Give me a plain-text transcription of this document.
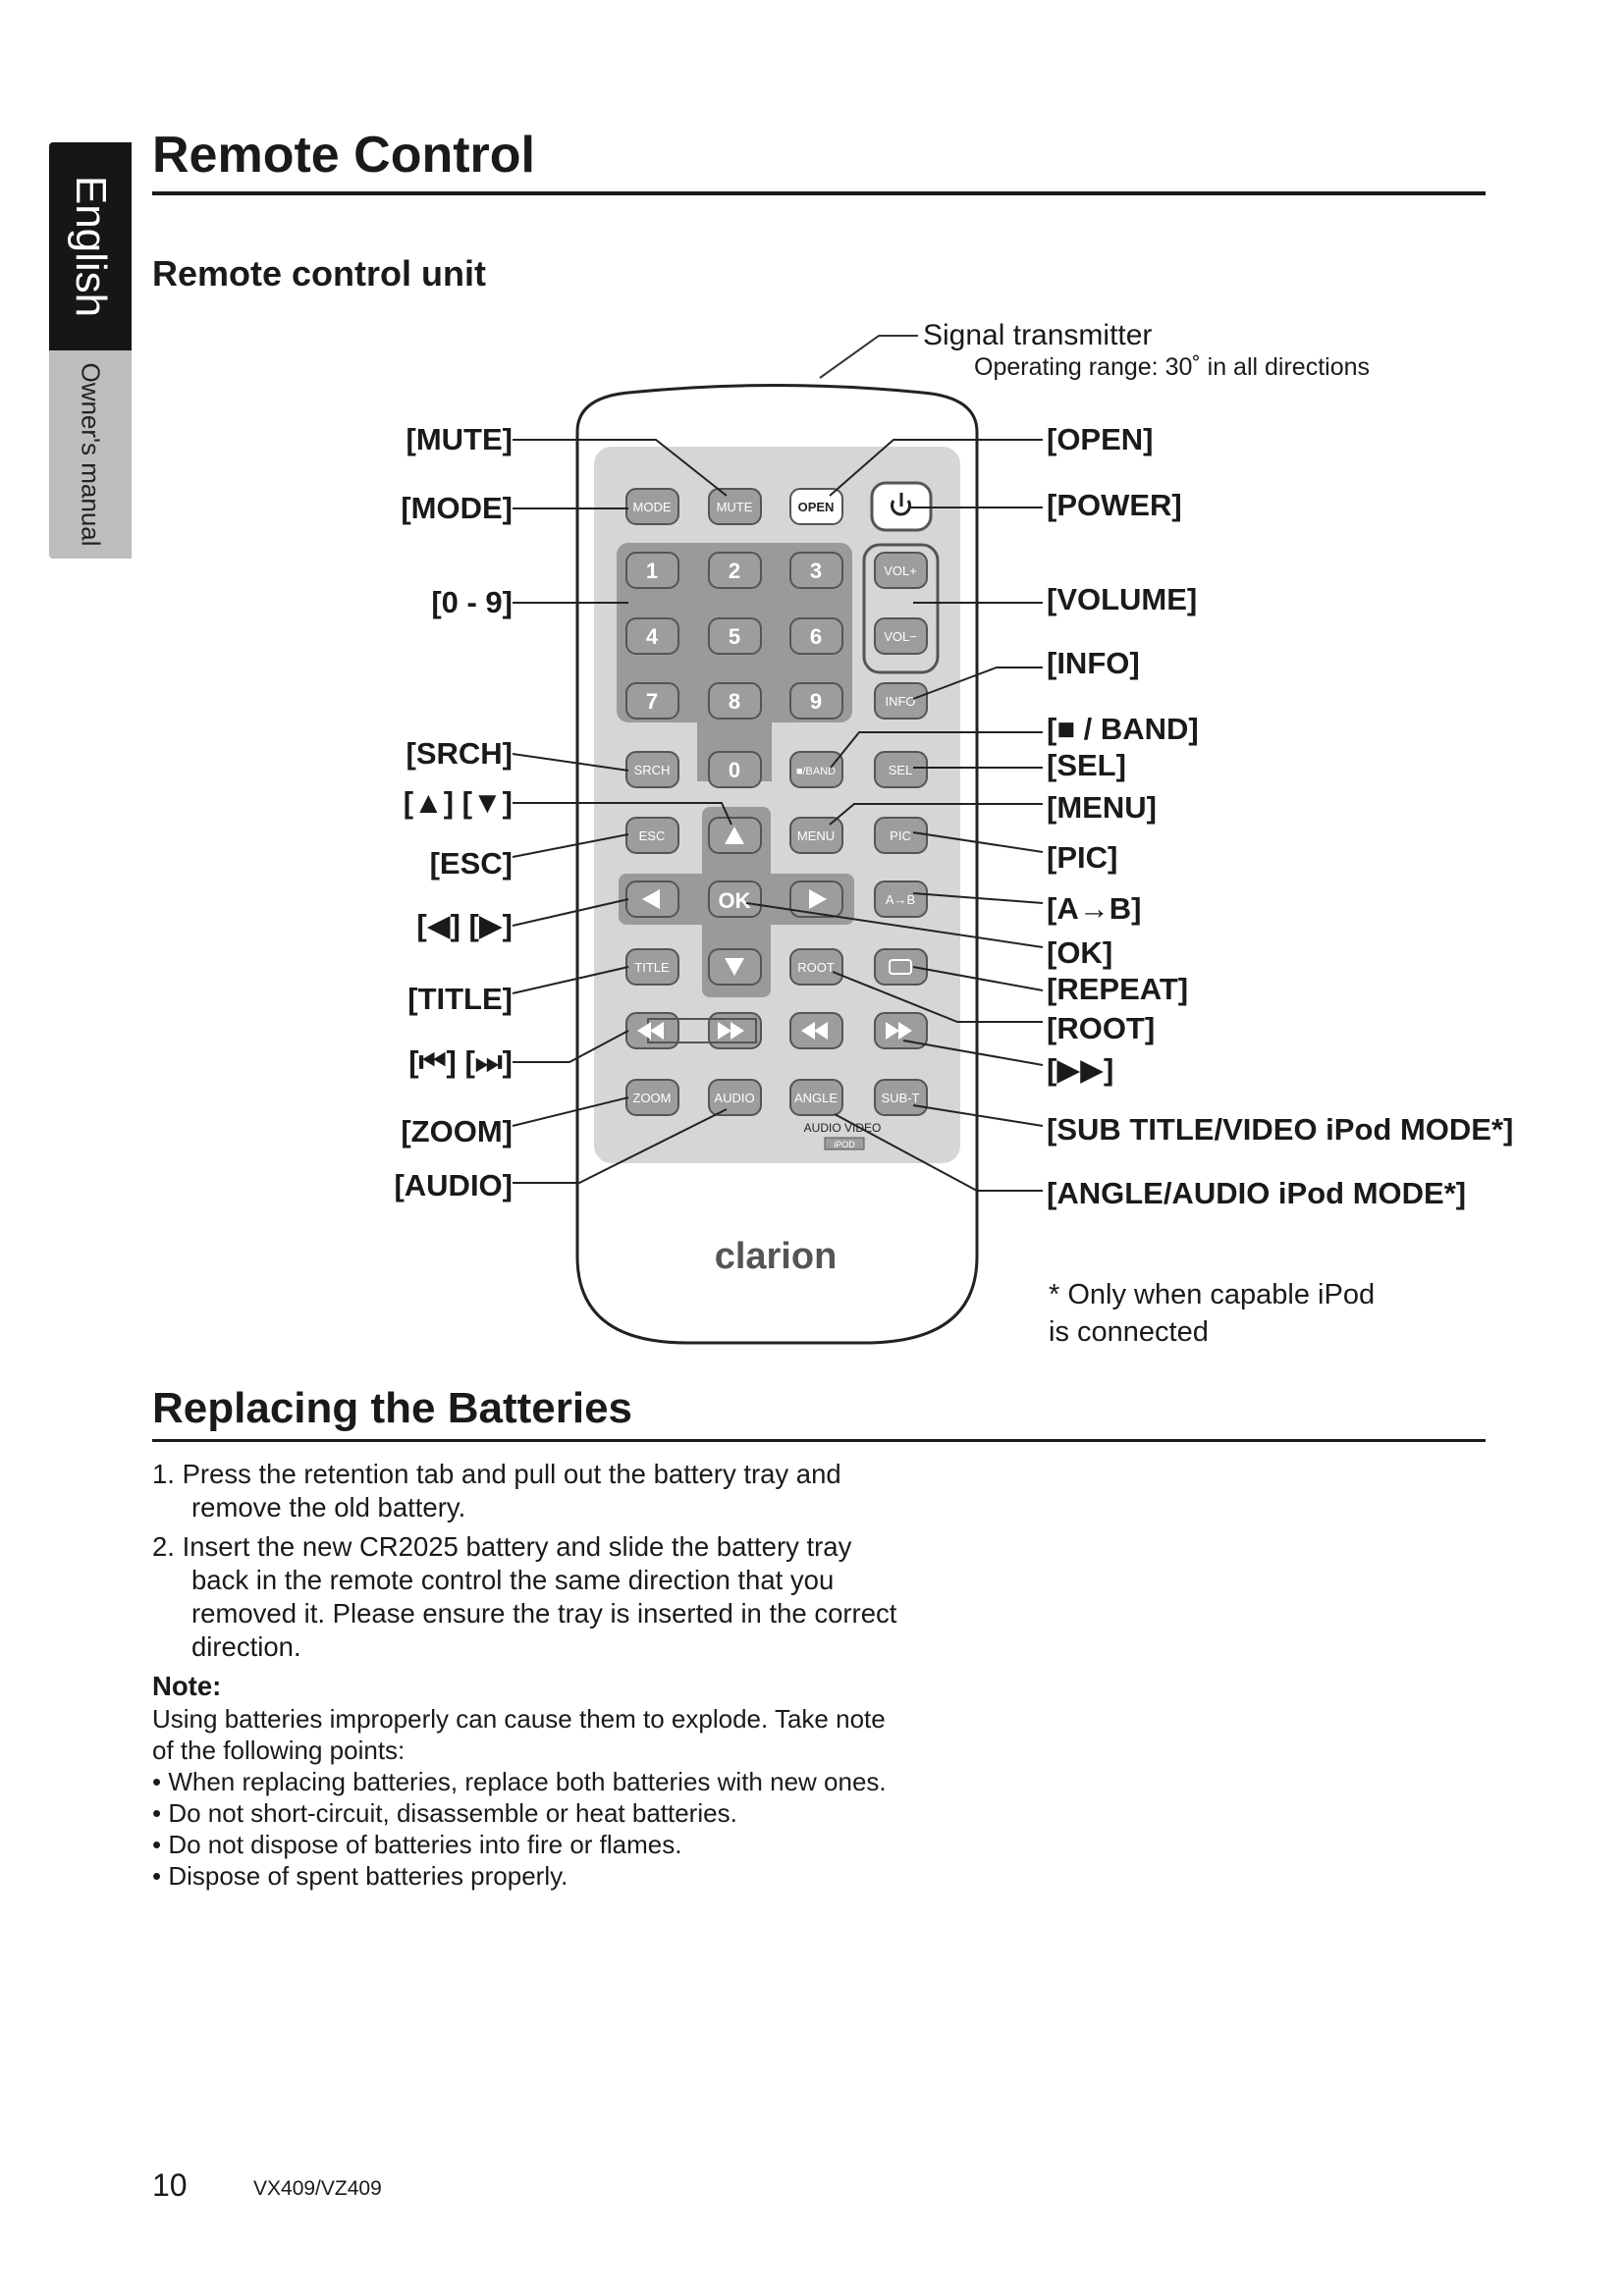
English
Owner's manual
Remote Control
Remote control unit
Signal transmitter
Operating range: 30˚ in all directions
MODE	MUTE	OPEN
VOL+
VOL−
INFO
SRCH	■/BAND	SEL
ESC	MENU	PIC
OK	A→B
TITLE	ROOT
ZOOM	AUDIO	ANGLE	SUB-T
AUDIO VIDEO
iPOD
1	2	3
4	5	6
7	8	9
0
clarion
[MUTE]
[MODE]
[0 - 9]
[SRCH]
[▲] [▼]
[ESC]
[◀] [▶]
[TITLE]
[⏮] [⏭]
[ZOOM]
[AUDIO]
[OPEN]
[POWER]
[VOLUME]
[INFO]
[■ / BAND]
[SEL]
[MENU]
[PIC]
[A→B]
[OK]
[REPEAT]
[ROOT]
[▶▶]
[SUB TITLE/VIDEO iPod MODE*]
[ANGLE/AUDIO iPod MODE*]
* Only when capable iPod
is connected
Replacing the Batteries
1. Press the retention tab and pull out the battery tray and remove the old battery.
2. Insert the new CR2025 battery and slide the battery tray back in the remote control the same direction that you removed it. Please ensure the tray is inserted in the correct direction.
Note:
Using batteries improperly can cause them to explode. Take note of the following points:
• When replacing batteries, replace both batteries with new ones.
• Do not short-circuit, disassemble or heat batteries.
• Do not dispose of batteries into fire or flames.
• Dispose of spent batteries properly.
10	VX409/VZ409
